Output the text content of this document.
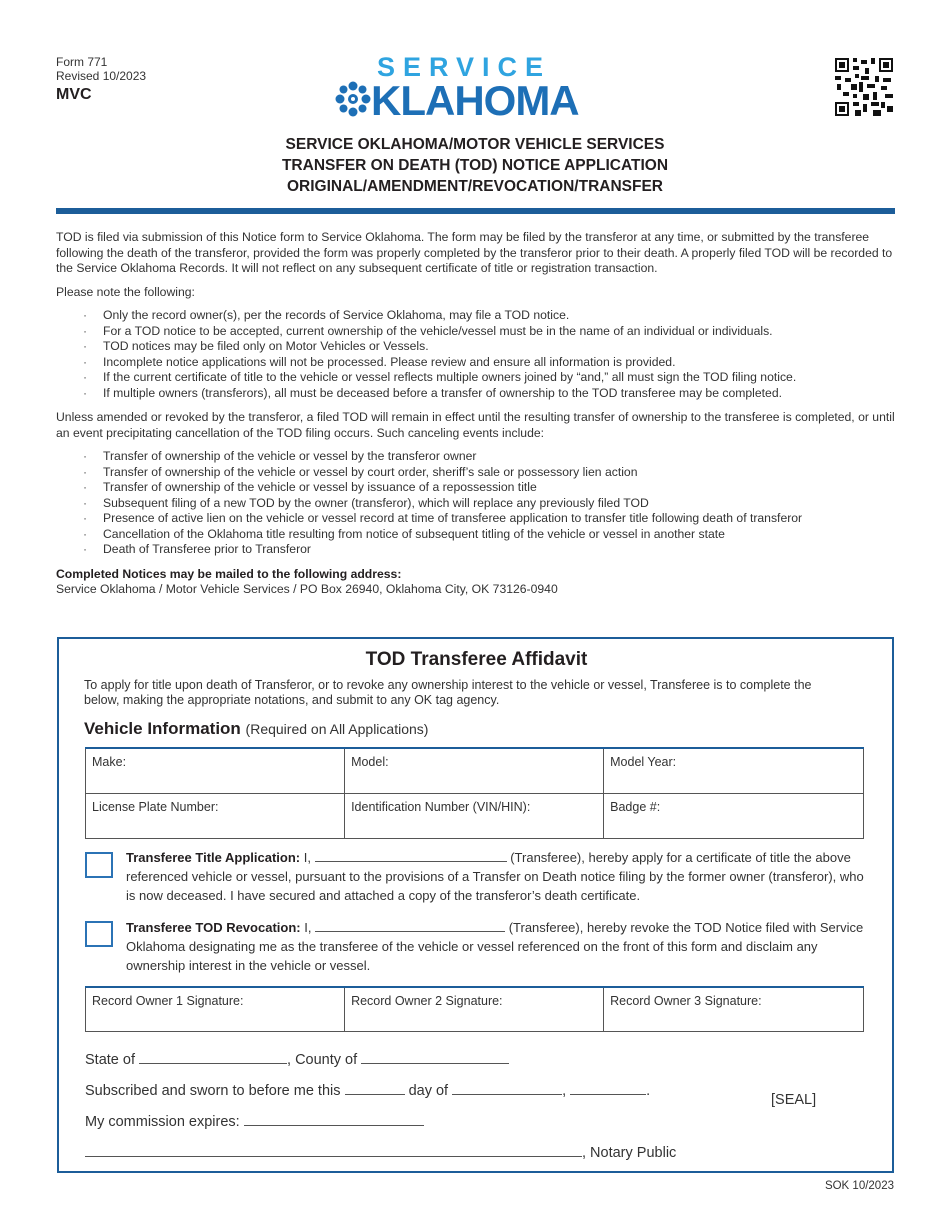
Form 771
Revised 10/2023
MVC
SERVICE
KLAHOMA
SERVICE OKLAHOMA/MOTOR VEHICLE SERVICES
TRANSFER ON DEATH (TOD) NOTICE APPLICATION
ORIGINAL/AMENDMENT/REVOCATION/TRANSFER

TOD is filed via submission of this Notice form to Service Oklahoma. The form may be filed by the transferor at any time, or submitted by the transferee following the death of the transferor, provided the form was properly completed by the transferor prior to their death. A properly filed TOD will be recorded to the Service Oklahoma Records. It will not reflect on any subsequent certificate of title or registration transaction.

Please note the following:

· Only the record owner(s), per the records of Service Oklahoma, may file a TOD notice.
· For a TOD notice to be accepted, current ownership of the vehicle/vessel must be in the name of an individual or individuals.
· TOD notices may be filed only on Motor Vehicles or Vessels.
· Incomplete notice applications will not be processed. Please review and ensure all information is provided.
· If the current certificate of title to the vehicle or vessel reflects multiple owners joined by “and,” all must sign the TOD filing notice.
· If multiple owners (transferors), all must be deceased before a transfer of ownership to the TOD transferee may be completed.

Unless amended or revoked by the transferor, a filed TOD will remain in effect until the resulting transfer of ownership to the transferee is completed, or until an event precipitating cancellation of the TOD filing occurs. Such canceling events include:

· Transfer of ownership of the vehicle or vessel by the transferor owner
· Transfer of ownership of the vehicle or vessel by court order, sheriff’s sale or possessory lien action
· Transfer of ownership of the vehicle or vessel by issuance of a repossession title
· Subsequent filing of a new TOD by the owner (transferor), which will replace any previously filed TOD
· Presence of active lien on the vehicle or vessel record at time of transferee application to transfer title following death of transferor
· Cancellation of the Oklahoma title resulting from notice of subsequent titling of the vehicle or vessel in another state
· Death of Transferee prior to Transferor
Completed Notices may be mailed to the following address:
Service Oklahoma / Motor Vehicle Services / PO Box 26940, Oklahoma City, OK 73126-0940
TOD Transferee Affidavit
To apply for title upon death of Transferor, or to revoke any ownership interest to the vehicle or vessel, Transferee is to complete the below, making the appropriate notations, and submit to any OK tag agency.
Vehicle Information (Required on All Applications)
Make:	Model:	Model Year:
License Plate Number:	Identification Number (VIN/HIN):	Badge #:
Transferee Title Application: I,	(Transferee), hereby apply for a certificate of title the above referenced vehicle or vessel, pursuant to the provisions of a Transfer on Death notice filing by the former owner (transferor), who is now deceased. I have secured and attached a copy of the transferor’s death certificate.
Transferee TOD Revocation: I,	(Transferee), hereby revoke the TOD Notice filed with Service Oklahoma designating me as the transferee of the vehicle or vessel referenced on the front of this form and disclaim any ownership interest in the vehicle or vessel.
Record Owner 1 Signature:	Record Owner 2 Signature:	Record Owner 3 Signature:
State of	, County of
Subscribed and sworn to before me this	day of	,	.
[SEAL]
My commission expires:
, Notary Public
SOK 10/2023
